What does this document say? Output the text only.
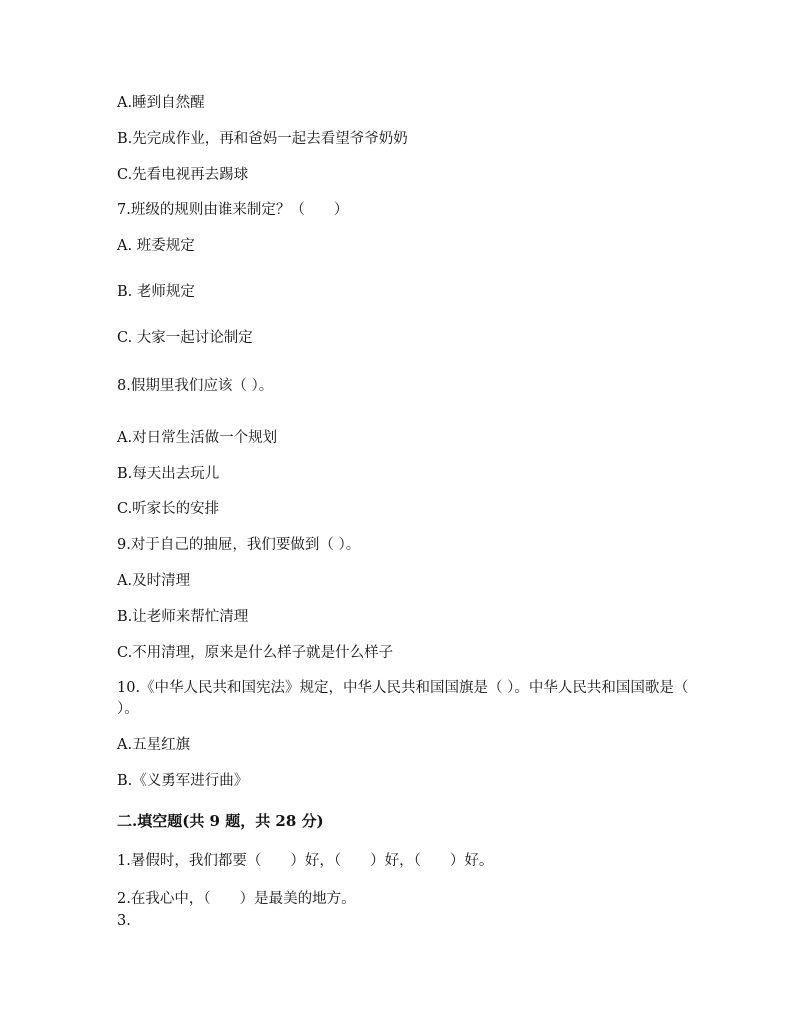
A.睡到自然醒
B.先完成作业，再和爸妈一起去看望爷爷奶奶
C.先看电视再去踢球
7.班级的规则由谁来制定？（　　）
A. 班委规定
B. 老师规定
C. 大家一起讨论制定
8.假期里我们应该（ ）。
A.对日常生活做一个规划
B.每天出去玩儿
C.听家长的安排
9.对于自己的抽屉，我们要做到（ ）。
A.及时清理
B.让老师来帮忙清理
C.不用清理，原来是什么样子就是什么样子
10.《中华人民共和国宪法》规定，中华人民共和国国旗是（ ）。中华人民共和国国歌是（ ）。
A.五星红旗
B.《义勇军进行曲》
二.填空题(共 9 题，共 28 分)
1.暑假时，我们都要（　　）好，（　　）好，（　　）好。
2.在我心中，（　　）是最美的地方。
3.
